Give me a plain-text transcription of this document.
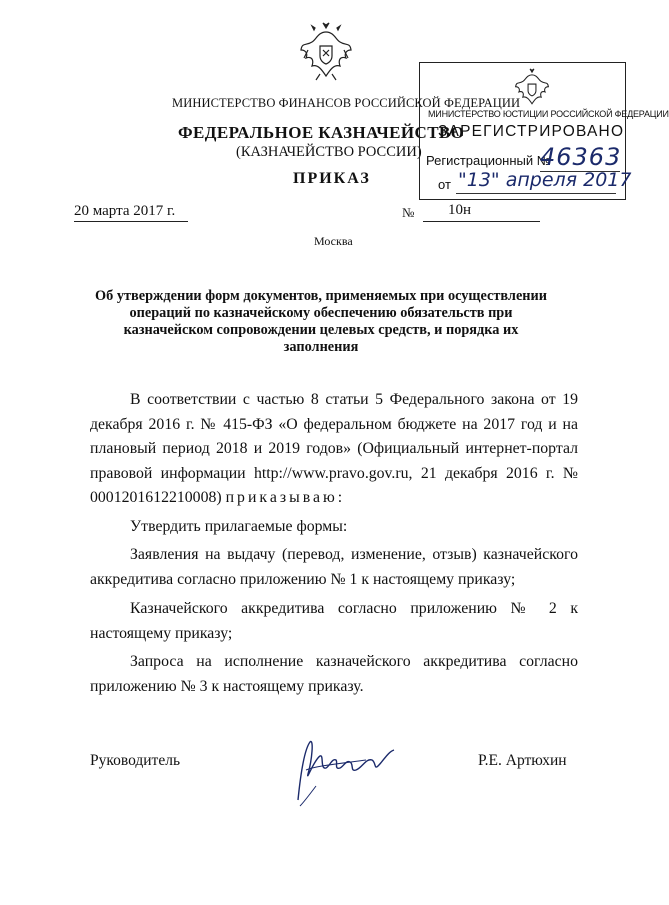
МИНИСТЕРСТВО ФИНАНСОВ РОССИЙСКОЙ ФЕДЕРАЦИИ
ФЕДЕРАЛЬНОЕ КАЗНАЧЕЙСТВО
(КАЗНАЧЕЙСТВО РОССИИ)
ПРИКАЗ
МИНИСТЕРСТВО ЮСТИЦИИ РОССИЙСКОЙ ФЕДЕРАЦИИ
ЗАРЕГИСТРИРОВАНО
Регистрационный №
46363
от "13" апреля 2017
20 марта 2017 г.	№ 10н
Москва
Об утверждении форм документов, применяемых при осуществлении операций по казначейскому обеспечению обязательств при казначейском сопровождении целевых средств, и порядка их заполнения
В соответствии с частью 8 статьи 5 Федерального закона от 19 декабря 2016 г. № 415-ФЗ «О федеральном бюджете на 2017 год и на плановый период 2018 и 2019 годов» (Официальный интернет-портал правовой информации http://www.pravo.gov.ru, 21 декабря 2016 г. № 0001201612210008) приказываю:
Утвердить прилагаемые формы:
Заявления на выдачу (перевод, изменение, отзыв) казначейского аккредитива согласно приложению № 1 к настоящему приказу;
Казначейского аккредитива согласно приложению № 2 к настоящему приказу;
Запроса на исполнение казначейского аккредитива согласно приложению № 3 к настоящему приказу.
Руководитель	Р.Е. Артюхин
